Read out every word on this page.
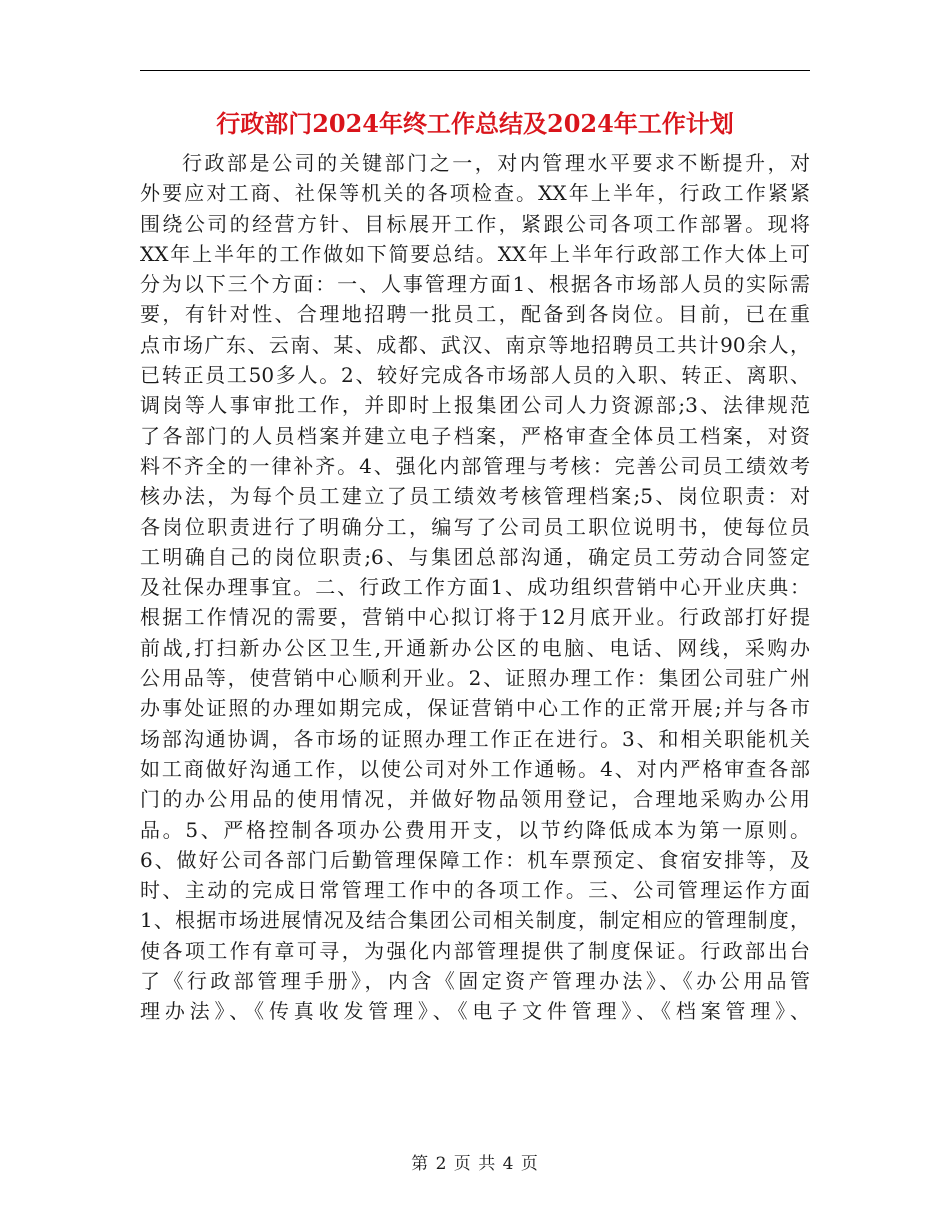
行政部门2024年终工作总结及2024年工作计划
行政部是公司的关键部门之一，对内管理水平要求不断提升，对
外要应对工商、社保等机关的各项检查。XX年上半年，行政工作紧紧
围绕公司的经营方针、目标展开工作，紧跟公司各项工作部署。现将
XX年上半年的工作做如下简要总结。XX年上半年行政部工作大体上可
分为以下三个方面：一、人事管理方面1、根据各市场部人员的实际需
要，有针对性、合理地招聘一批员工，配备到各岗位。目前，已在重
点市场广东、云南、某、成都、武汉、南京等地招聘员工共计90余人，
已转正员工50多人。2、较好完成各市场部人员的入职、转正、离职、
调岗等人事审批工作，并即时上报集团公司人力资源部;3、法律规范
了各部门的人员档案并建立电子档案，严格审查全体员工档案，对资
料不齐全的一律补齐。4、强化内部管理与考核：完善公司员工绩效考
核办法，为每个员工建立了员工绩效考核管理档案;5、岗位职责：对
各岗位职责进行了明确分工，编写了公司员工职位说明书，使每位员
工明确自己的岗位职责;6、与集团总部沟通，确定员工劳动合同签定
及社保办理事宜。二、行政工作方面1、成功组织营销中心开业庆典：
根据工作情况的需要，营销中心拟订将于12月底开业。行政部打好提
前战,打扫新办公区卫生,开通新办公区的电脑、电话、网线，采购办
公用品等，使营销中心顺利开业。2、证照办理工作：集团公司驻广州
办事处证照的办理如期完成，保证营销中心工作的正常开展;并与各市
场部沟通协调，各市场的证照办理工作正在进行。3、和相关职能机关
如工商做好沟通工作，以使公司对外工作通畅。4、对内严格审查各部
门的办公用品的使用情况，并做好物品领用登记，合理地采购办公用
品。5、严格控制各项办公费用开支，以节约降低成本为第一原则。
6、做好公司各部门后勤管理保障工作：机车票预定、食宿安排等，及
时、主动的完成日常管理工作中的各项工作。三、公司管理运作方面
1、根据市场进展情况及结合集团公司相关制度，制定相应的管理制度，
使各项工作有章可寻，为强化内部管理提供了制度保证。行政部出台
了《行政部管理手册》，内含《固定资产管理办法》、《办公用品管
理办法》、《传真收发管理》、《电子文件管理》、《档案管理》、
第 2 页 共 4 页
